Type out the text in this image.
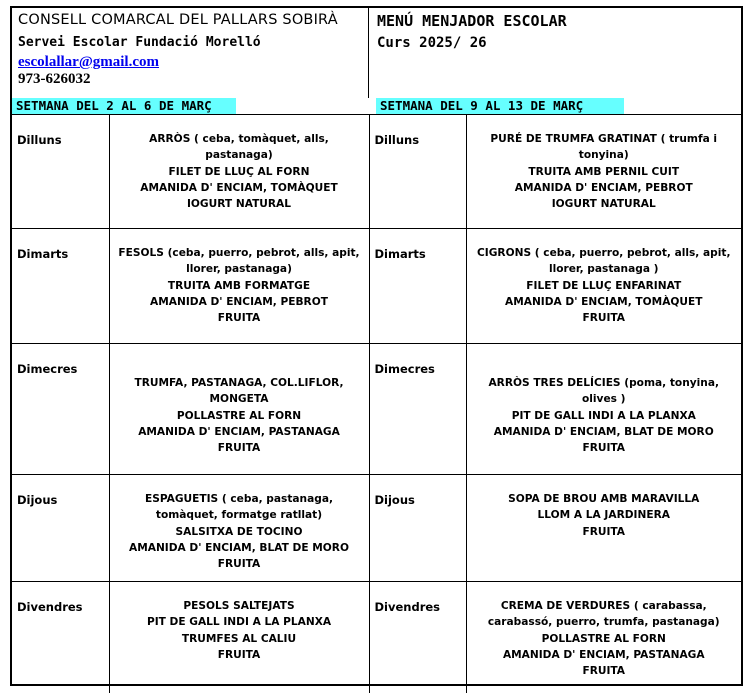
CONSELL COMARCAL DEL PALLARS SOBIRÀ
Servei Escolar Fundació Morelló
escolallar@gmail.com
973-626032
MENÚ MENJADOR ESCOLAR
Curs 2025/ 26
SETMANA DEL 2 AL 6 DE MARÇ	SETMANA DEL 9 AL 13 DE MARÇ
Dilluns	ARRÒS ( ceba, tomàquet, alls, pastanaga)
FILET DE LLUÇ AL FORN
AMANIDA D' ENCIAM, TOMÀQUET
IOGURT NATURAL	Dilluns	PURÉ DE TRUMFA GRATINAT ( trumfa i tonyina)
TRUITA AMB PERNIL CUIT
AMANIDA D' ENCIAM, PEBROT
IOGURT NATURAL

Dimarts	FESOLS (ceba, puerro, pebrot, alls, apit, llorer, pastanaga)
TRUITA AMB FORMATGE
AMANIDA D' ENCIAM, PEBROT
FRUITA	Dimarts	CIGRONS ( ceba, puerro, pebrot, alls, apit, llorer, pastanaga )
FILET DE LLUÇ ENFARINAT
AMANIDA D' ENCIAM, TOMÀQUET
FRUITA

Dimecres	TRUMFA, PASTANAGA, COL.LIFLOR, MONGETA
POLLASTRE AL FORN
AMANIDA D' ENCIAM, PASTANAGA
FRUITA	Dimecres	ARRÒS TRES DELÍCIES (poma, tonyina, olives )
PIT DE GALL INDI A LA PLANXA
AMANIDA D' ENCIAM, BLAT DE MORO
FRUITA

Dijous	ESPAGUETIS ( ceba, pastanaga, tomàquet, formatge ratllat)
SALSITXA DE TOCINO
AMANIDA D' ENCIAM, BLAT DE MORO
FRUITA	Dijous	SOPA DE BROU AMB MARAVILLA
LLOM A LA JARDINERA
FRUITA

Divendres	PESOLS SALTEJATS
PIT DE GALL INDI A LA PLANXA
TRUMFES AL CALIU
FRUITA	Divendres	CREMA DE VERDURES ( carabassa, carabassó, puerro, trumfa, pastanaga)
POLLASTRE AL FORN
AMANIDA D' ENCIAM, PASTANAGA
FRUITA
